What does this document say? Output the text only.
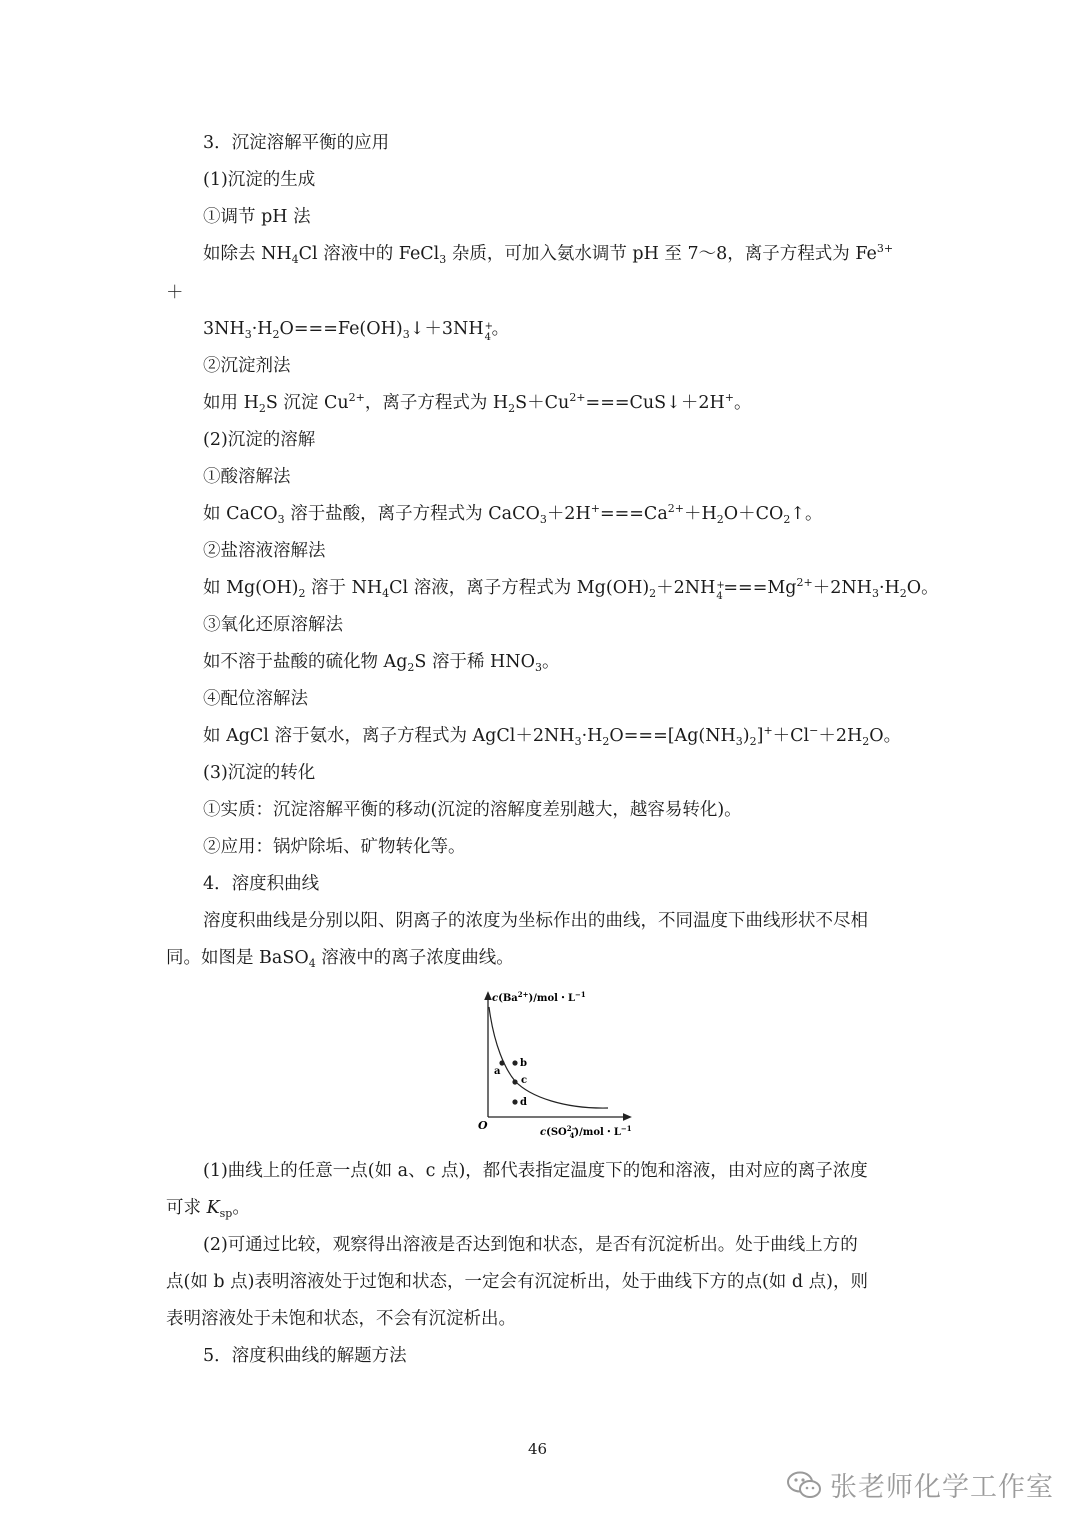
3．沉淀溶解平衡的应用
(1)沉淀的生成
①调节 pH 法
如除去 $NH_4Cl$ 溶液中的 FeCl$_3$ 杂质，可加入氨水调节 pH 至 7～8，离子方程式为 $Fe^{3+}$
＋
$3NH_3\cdot H_2O===Fe(OH)_3↓+3NH$ +
4 。
②沉淀剂法
如用 $H_2S$ 沉淀 $Cu^{2+}$，离子方程式为 $H_2S+Cu^{2+}===CuS↓+2H^+$。
(2)沉淀的溶解
①酸溶解法
如 CaCO$_3$ 溶于盐酸，离子方程式为 $CaCO_3+2H^+===Ca^{2+}+H_2O+CO_2↑$。
②盐溶液溶解法
如 $Mg(OH)_2$ 溶于 $NH_4Cl$ 溶液，离子方程式为 $Mg(OH)_2+2NH$ +
$4 ===Mg^{2+}+2NH_3\cdot H_2O$。
③氧化还原溶解法
如不溶于盐酸的硫化物 $Ag_2S$ 溶于稀 $HNO_3$。
④配位溶解法
如 AgCl 溶于氨水，离子方程式为 $AgCl+2NH_3\cdot H_2O===[Ag(NH_3)_2]^++Cl^-+2H_2O$。
(3)沉淀的转化
①实质：沉淀溶解平衡的移动(沉淀的溶解度差别越大，越容易转化)。
②应用：锅炉除垢、矿物转化等。
4．溶度积曲线
溶度积曲线是分别以阳、阴离子的浓度为坐标作出的曲线，不同温度下曲线形状不尽相
同。如图是 BaSO$_4$ 溶液中的离子浓度曲线。
O
$c(Ba^{2+})$/mol・$L^{-1}$
$c(SO^{2-}$ 4)/mol・$L^{-1}$
a
b
c
d
(1)曲线上的任意一点(如 a、c 点)，都代表指定温度下的饱和溶液，由对应的离子浓度
可求 $K_{sp}$。
(2)可通过比较，观察得出溶液是否达到饱和状态，是否有沉淀析出。处于曲线上方的
点(如 b 点)表明溶液处于过饱和状态，一定会有沉淀析出，处于曲线下方的点(如 d 点)，则
表明溶液处于未饱和状态，不会有沉淀析出。
5．溶度积曲线的解题方法
46
张老师化学工作室
